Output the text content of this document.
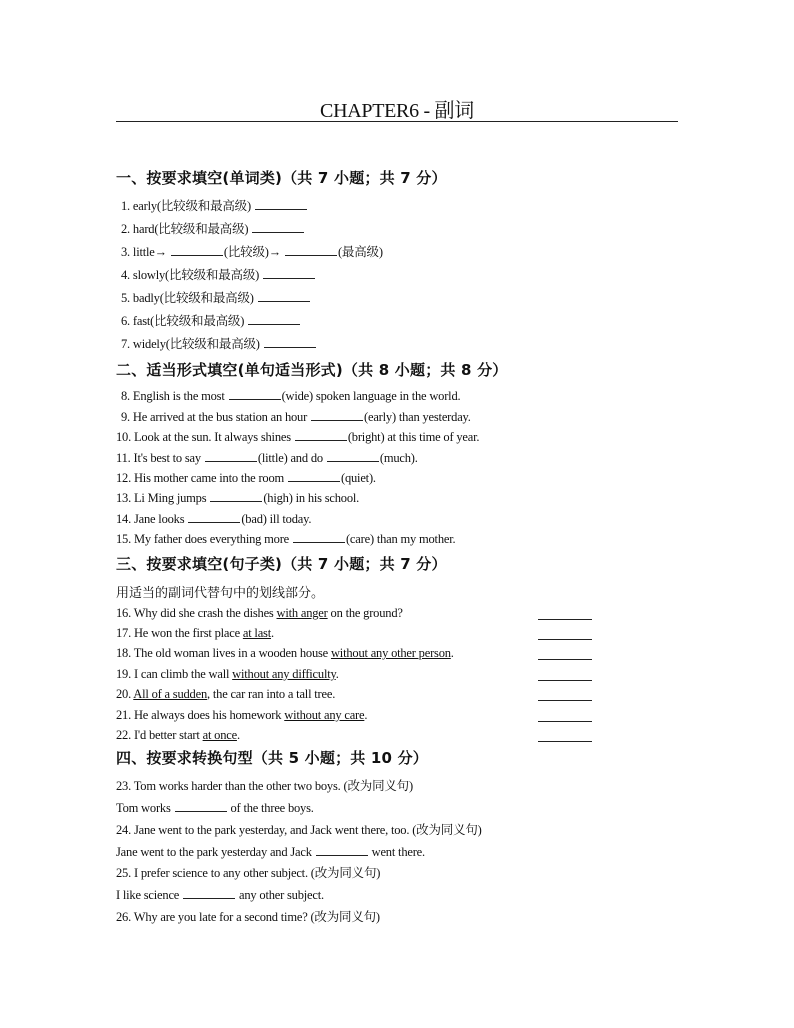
CHAPTER6 - 副词
一、按要求填空(单词类)（共 7 小题；共 7 分）
1. early(比较级和最高级)
2. hard(比较级和最高级)
3. little→	(比较级)→	(最高级)
4. slowly(比较级和最高级)
5. badly(比较级和最高级)
6. fast(比较级和最高级)
7. widely(比较级和最高级)
二、适当形式填空(单句适当形式)（共 8 小题；共 8 分）
8. English is the most	(wide) spoken language in the world.
9. He arrived at the bus station an hour	(early) than yesterday.
10. Look at the sun. It always shines	(bright) at this time of year.
11. It's best to say	(little) and do	(much).
12. His mother came into the room	(quiet).
13. Li Ming jumps	(high) in his school.
14. Jane looks	(bad) ill today.
15. My father does everything more	(care) than my mother.
三、按要求填空(句子类)（共 7 小题；共 7 分）
用适当的副词代替句中的划线部分。
16. Why did she crash the dishes with anger on the ground?
17. He won the first place at last.
18. The old woman lives in a wooden house without any other person.
19. I can climb the wall without any difficulty.
20. All of a sudden, the car ran into a tall tree.
21. He always does his homework without any care.
22. I'd better start at once.
四、按要求转换句型（共 5 小题；共 10 分）
23. Tom works harder than the other two boys. (改为同义句)
Tom works	of the three boys.
24. Jane went to the park yesterday, and Jack went there, too. (改为同义句)
Jane went to the park yesterday and Jack	went there.
25. I prefer science to any other subject. (改为同义句)
I like science	any other subject.
26. Why are you late for a second time? (改为同义句)
